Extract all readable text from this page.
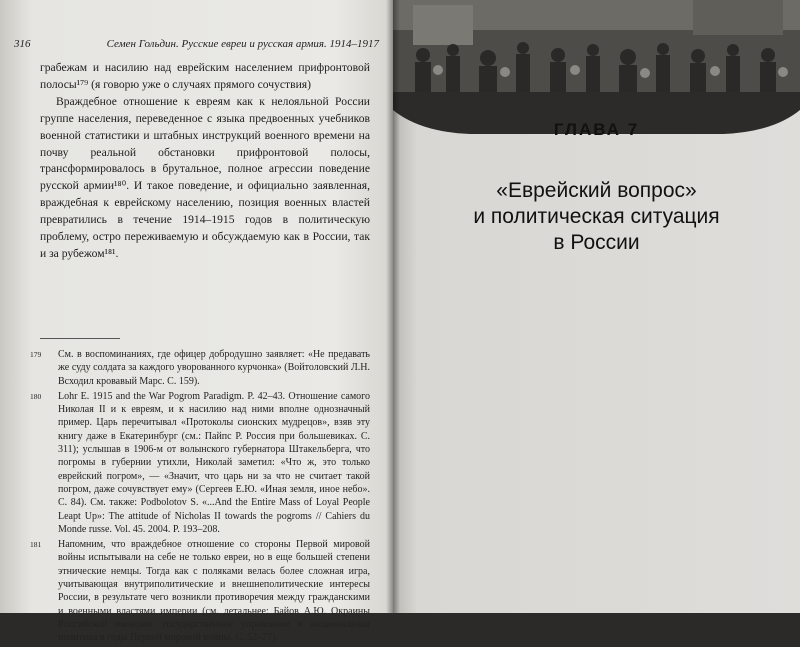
316	Семен Гольдин. Русские евреи и русская армия. 1914–1917

грабежам и насилию над еврейским населением прифронтовой полосы¹⁷⁹ (я говорю уже о случаях прямого сочуствия)

Враждебное отношение к евреям как к нелояльной России группе населения, переведенное с языка предвоенных учебников военной статистики и штабных инструкций военного времени на почву реальной обстановки прифронтовой полосы, трансформировалось в брутальное, полное агрессии поведение русской армии¹⁸⁰. И такое поведение, и официально заявленная, враждебная к еврейскому населению, позиция военных властей превратились в течение 1914–1915 годов в политическую проблему, остро переживаемую и обсуждаемую как в России, так и за рубежом¹⁸¹.

179 См. в воспоминаниях, где офицер добродушно заявляет: «Не предавать же суду солдата за каждого уворованного курчонка» (Войтоловский Л.Н. Всходил кровавый Марс. С. 159).
180 Lohr E. 1915 and the War Pogrom Paradigm. P. 42–43. Отношение самого Николая II и к евреям, и к насилию над ними вполне однозначный пример. Царь перечитывал «Протоколы сионских мудрецов», взяв эту книгу даже в Екатеринбург (см.: Пайпс Р. Россия при большевиках. С. 311); услышав в 1906-м от волынского губернатора Штакельберга, что погромы в губернии утихли, Николай заметил: «Что ж, это только еврейский погром», — «Значит, что царь ни за что не считает такой погром, даже сочувствует ему» (Сергеев Е.Ю. «Иная земля, иное небо». С. 84). См. также: Podbolotov S. «...And the Entire Mass of Loyal People Leapt Up»: The attitude of Nicholas II towards the pogroms // Cahiers du Monde russe. Vol. 45. 2004. P. 193–208.
181 Напомним, что враждебное отношение со стороны Первой мировой войны испытывали на себе не только евреи, но в еще большей степени этнические немцы. Тогда как с поляками велась более сложная игра, учитывающая внутриполитические и внешнеполитические интересы России, в результате чего возникли противоречия между гражданскими и военными властями империи (см. детальнее: Байов А.Ю. Окраины Российской империи: государственное управление и национальная политика в годы Первой мировой войны. С. 52–77).
ГЛАВА 7
«Еврейский вопрос»
и политическая ситуация
в России
